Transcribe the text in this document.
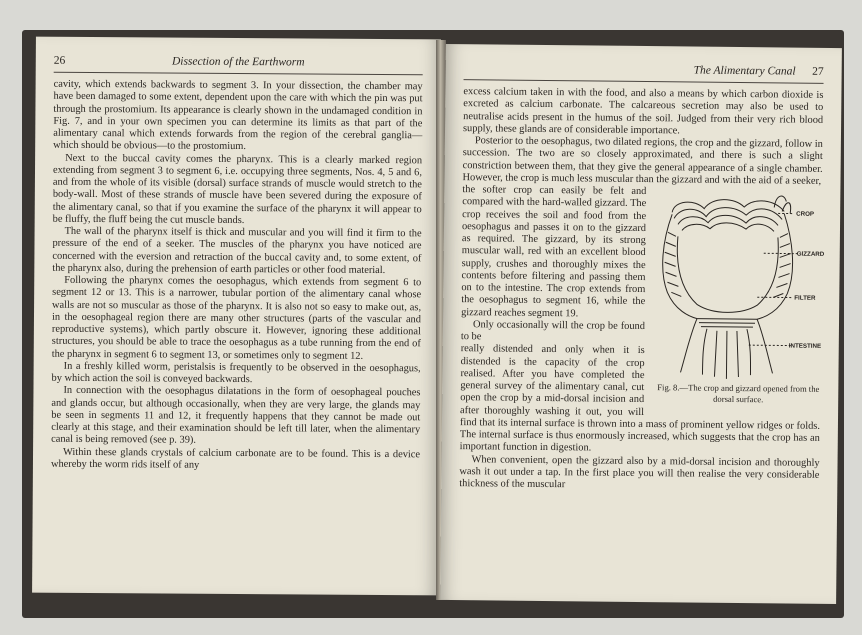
26	Dissection of the Earthworm

cavity, which extends backwards to segment 3. In your dissection, the chamber may have been damaged to some extent, dependent upon the care with which the pin was put through the prostomium. Its appearance is clearly shown in the undamaged condition in Fig. 7, and in your own specimen you can determine its limits as that part of the alimentary canal which extends forwards from the region of the cerebral ganglia—which should be obvious—to the prostomium.

Next to the buccal cavity comes the pharynx. This is a clearly marked region extending from segment 3 to segment 6, i.e. occupying three segments, Nos. 4, 5 and 6, and from the whole of its visible (dorsal) surface strands of muscle would stretch to the body-wall. Most of these strands of muscle have been severed during the exposure of the alimentary canal, so that if you examine the surface of the pharynx it will appear to be fluffy, the fluff being the cut muscle bands.

The wall of the pharynx itself is thick and muscular and you will find it firm to the pressure of the end of a seeker. The muscles of the pharynx you have noticed are concerned with the eversion and retraction of the buccal cavity and, to some extent, of the pharynx also, during the prehension of earth particles or other food material.

Following the pharynx comes the oesophagus, which extends from segment 6 to segment 12 or 13. This is a narrower, tubular portion of the alimentary canal whose walls are not so muscular as those of the pharynx. It is also not so easy to make out, as, in the oesophageal region there are many other structures (parts of the vascular and reproductive systems), which partly obscure it. However, ignoring these additional structures, you should be able to trace the oesophagus as a tube running from the end of the pharynx in segment 6 to segment 13, or sometimes only to segment 12.

In a freshly killed worm, peristalsis is frequently to be observed in the oesophagus, by which action the soil is conveyed backwards.

In connection with the oesophagus dilatations in the form of oesophageal pouches and glands occur, but although occasionally, when they are very large, the glands may be seen in segments 11 and 12, it frequently happens that they cannot be made out clearly at this stage, and their examination should be left till later, when the alimentary canal is being removed (see p. 39).

Within these glands crystals of calcium carbonate are to be found. This is a device whereby the worm rids itself of any

The Alimentary Canal 27

excess calcium taken in with the food, and also a means by which carbon dioxide is excreted as calcium carbonate. The calcareous secretion may also be used to neutralise acids present in the humus of the soil. Judged from their very rich blood supply, these glands are of considerable importance.

Posterior to the oesophagus, two dilated regions, the crop and the gizzard, follow in succession. The two are so closely approximated, and there is such a slight constriction between them, that they give the general appearance of a single chamber. However, the crop is much less muscular than the gizzard and with the aid of a seeker,

CROP
GIZZARD
FILTER
INTESTINE
Fig. 8.—The crop and gizzard opened from the dorsal surface.

the softer crop can easily be felt and compared with the hard-walled gizzard. The crop receives the soil and food from the oesophagus and passes it on to the gizzard as required. The gizzard, by its strong muscular wall, red with an excellent blood supply, crushes and thoroughly mixes the contents before filtering and passing them on to the intestine. The crop extends from the oesophagus to segment 16, while the gizzard reaches segment 19.

Only occasionally will the crop be found to be

really distended and only when it is distended is the capacity of the crop realised. After you have completed the general survey of the alimentary canal, cut open the crop by a mid-dorsal incision and after thoroughly washing it out, you will find that its internal surface is thrown into a mass of prominent yellow ridges or folds. The internal surface is thus enormously increased, which suggests that the crop has an important function in digestion.

When convenient, open the gizzard also by a mid-dorsal incision and thoroughly wash it out under a tap. In the first place you will then realise the very considerable thickness of the muscular
